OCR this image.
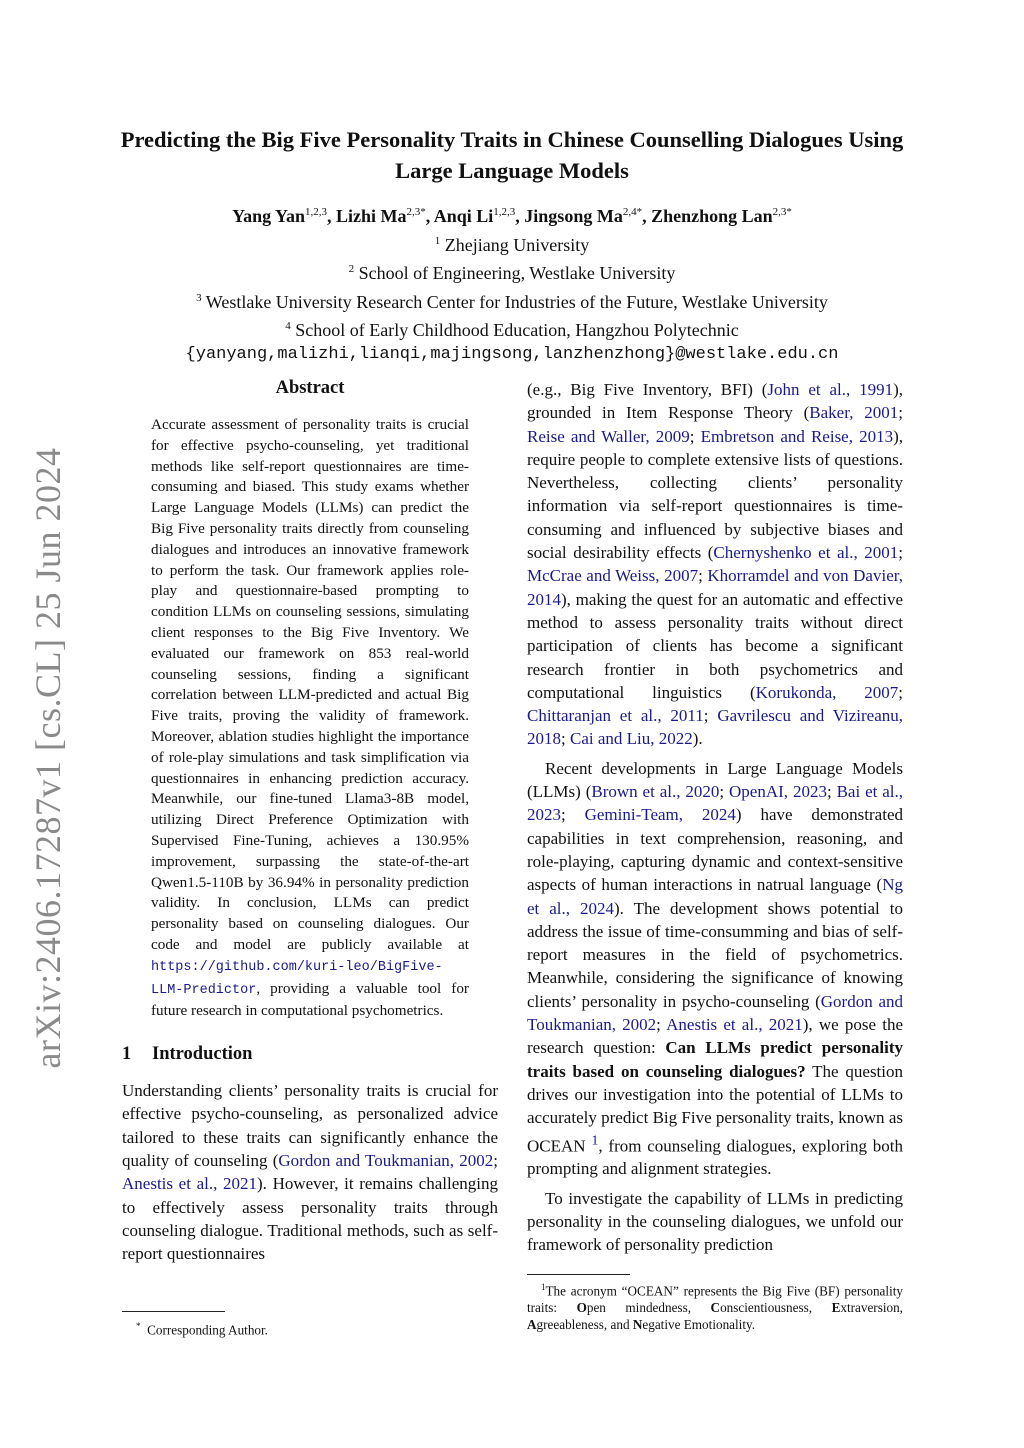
arXiv:2406.17287v1 [cs.CL] 25 Jun 2024
Predicting the Big Five Personality Traits in Chinese Counselling Dialogues Using Large Language Models
Yang Yan$^{1,2,3}$, Lizhi $Ma^{2,3*}$, Anqi Li$^{1,2,3}$, Jingsong $Ma^{2,4*}$, Zhenzhong Lan$^{2,3*}$
$^1$ Zhejiang University
$^2$ School of Engineering, Westlake University
$^3$ Westlake University Research Center for Industries of the Future, Westlake University
$^4$ School of Early Childhood Education, Hangzhou Polytechnic
{yanyang,malizhi,lianqi,majingsong,lanzhenzhong}@westlake.edu.cn
Abstract

Accurate assessment of personality traits is crucial for effective psycho-counseling, yet traditional methods like self-report questionnaires are time-consuming and biased. This study exams whether Large Language Models (LLMs) can predict the Big Five personality traits directly from counseling dialogues and introduces an innovative framework to perform the task. Our framework applies role-play and questionnaire-based prompting to condition LLMs on counseling sessions, simulating client responses to the Big Five Inventory. We evaluated our framework on 853 real-world counseling sessions, finding a significant correlation between LLM-predicted and actual Big Five traits, proving the validity of framework. Moreover, ablation studies highlight the importance of role-play simulations and task simplification via questionnaires in enhancing prediction accuracy. Meanwhile, our fine-tuned Llama3-8B model, utilizing Direct Preference Optimization with Supervised Fine-Tuning, achieves a 130.95% improvement, surpassing the state-of-the-art Qwen1.5-110B by 36.94% in personality prediction validity. In conclusion, LLMs can predict personality based on counseling dialogues. Our code and model are publicly available at https://github.com/kuri-leo/BigFive-LLM-Predictor, providing a valuable tool for future research in computational psychometrics.

1 Introduction

Understanding clients’ personality traits is crucial for effective psycho-counseling, as personalized advice tailored to these traits can significantly enhance the quality of counseling (Gordon and Toukmanian, 2002; Anestis et al., 2021). However, it remains challenging to effectively assess personality traits through counseling dialogue. Traditional methods, such as self-report questionnaires

* Corresponding Author.

(e.g., Big Five Inventory, BFI) (John et al., 1991), grounded in Item Response Theory (Baker, 2001; Reise and Waller, 2009; Embretson and Reise, 2013), require people to complete extensive lists of questions. Nevertheless, collecting clients’ personality information via self-report questionnaires is time-consuming and influenced by subjective biases and social desirability effects (Chernyshenko et al., 2001; McCrae and Weiss, 2007; Khorramdel and von Davier, 2014), making the quest for an automatic and effective method to assess personality traits without direct participation of clients has become a significant research frontier in both psychometrics and computational linguistics (Korukonda, 2007; Chittaranjan et al., 2011; Gavrilescu and Vizireanu, 2018; Cai and Liu, 2022).

Recent developments in Large Language Models (LLMs) (Brown et al., 2020; OpenAI, 2023; Bai et al., 2023; Gemini-Team, 2024) have demonstrated capabilities in text comprehension, reasoning, and role-playing, capturing dynamic and context-sensitive aspects of human interactions in natrual language (Ng et al., 2024). The development shows potential to address the issue of time-consumming and bias of self-report measures in the field of psychometrics. Meanwhile, considering the significance of knowing clients’ personality in psycho-counseling (Gordon and Toukmanian, 2002; Anestis et al., 2021), we pose the research question: Can LLMs predict personality traits based on counseling dialogues? The question drives our investigation into the potential of LLMs to accurately predict Big Five personality traits, known as OCEAN $^1$, from counseling dialogues, exploring both prompting and alignment strategies.

To investigate the capability of LLMs in predicting personality in the counseling dialogues, we unfold our framework of personality prediction

$^1$The acronym “OCEAN” represents the Big Five (BF) personality traits: Open mindedness, Conscientiousness, Extraversion, Agreeableness, and Negative Emotionality.
